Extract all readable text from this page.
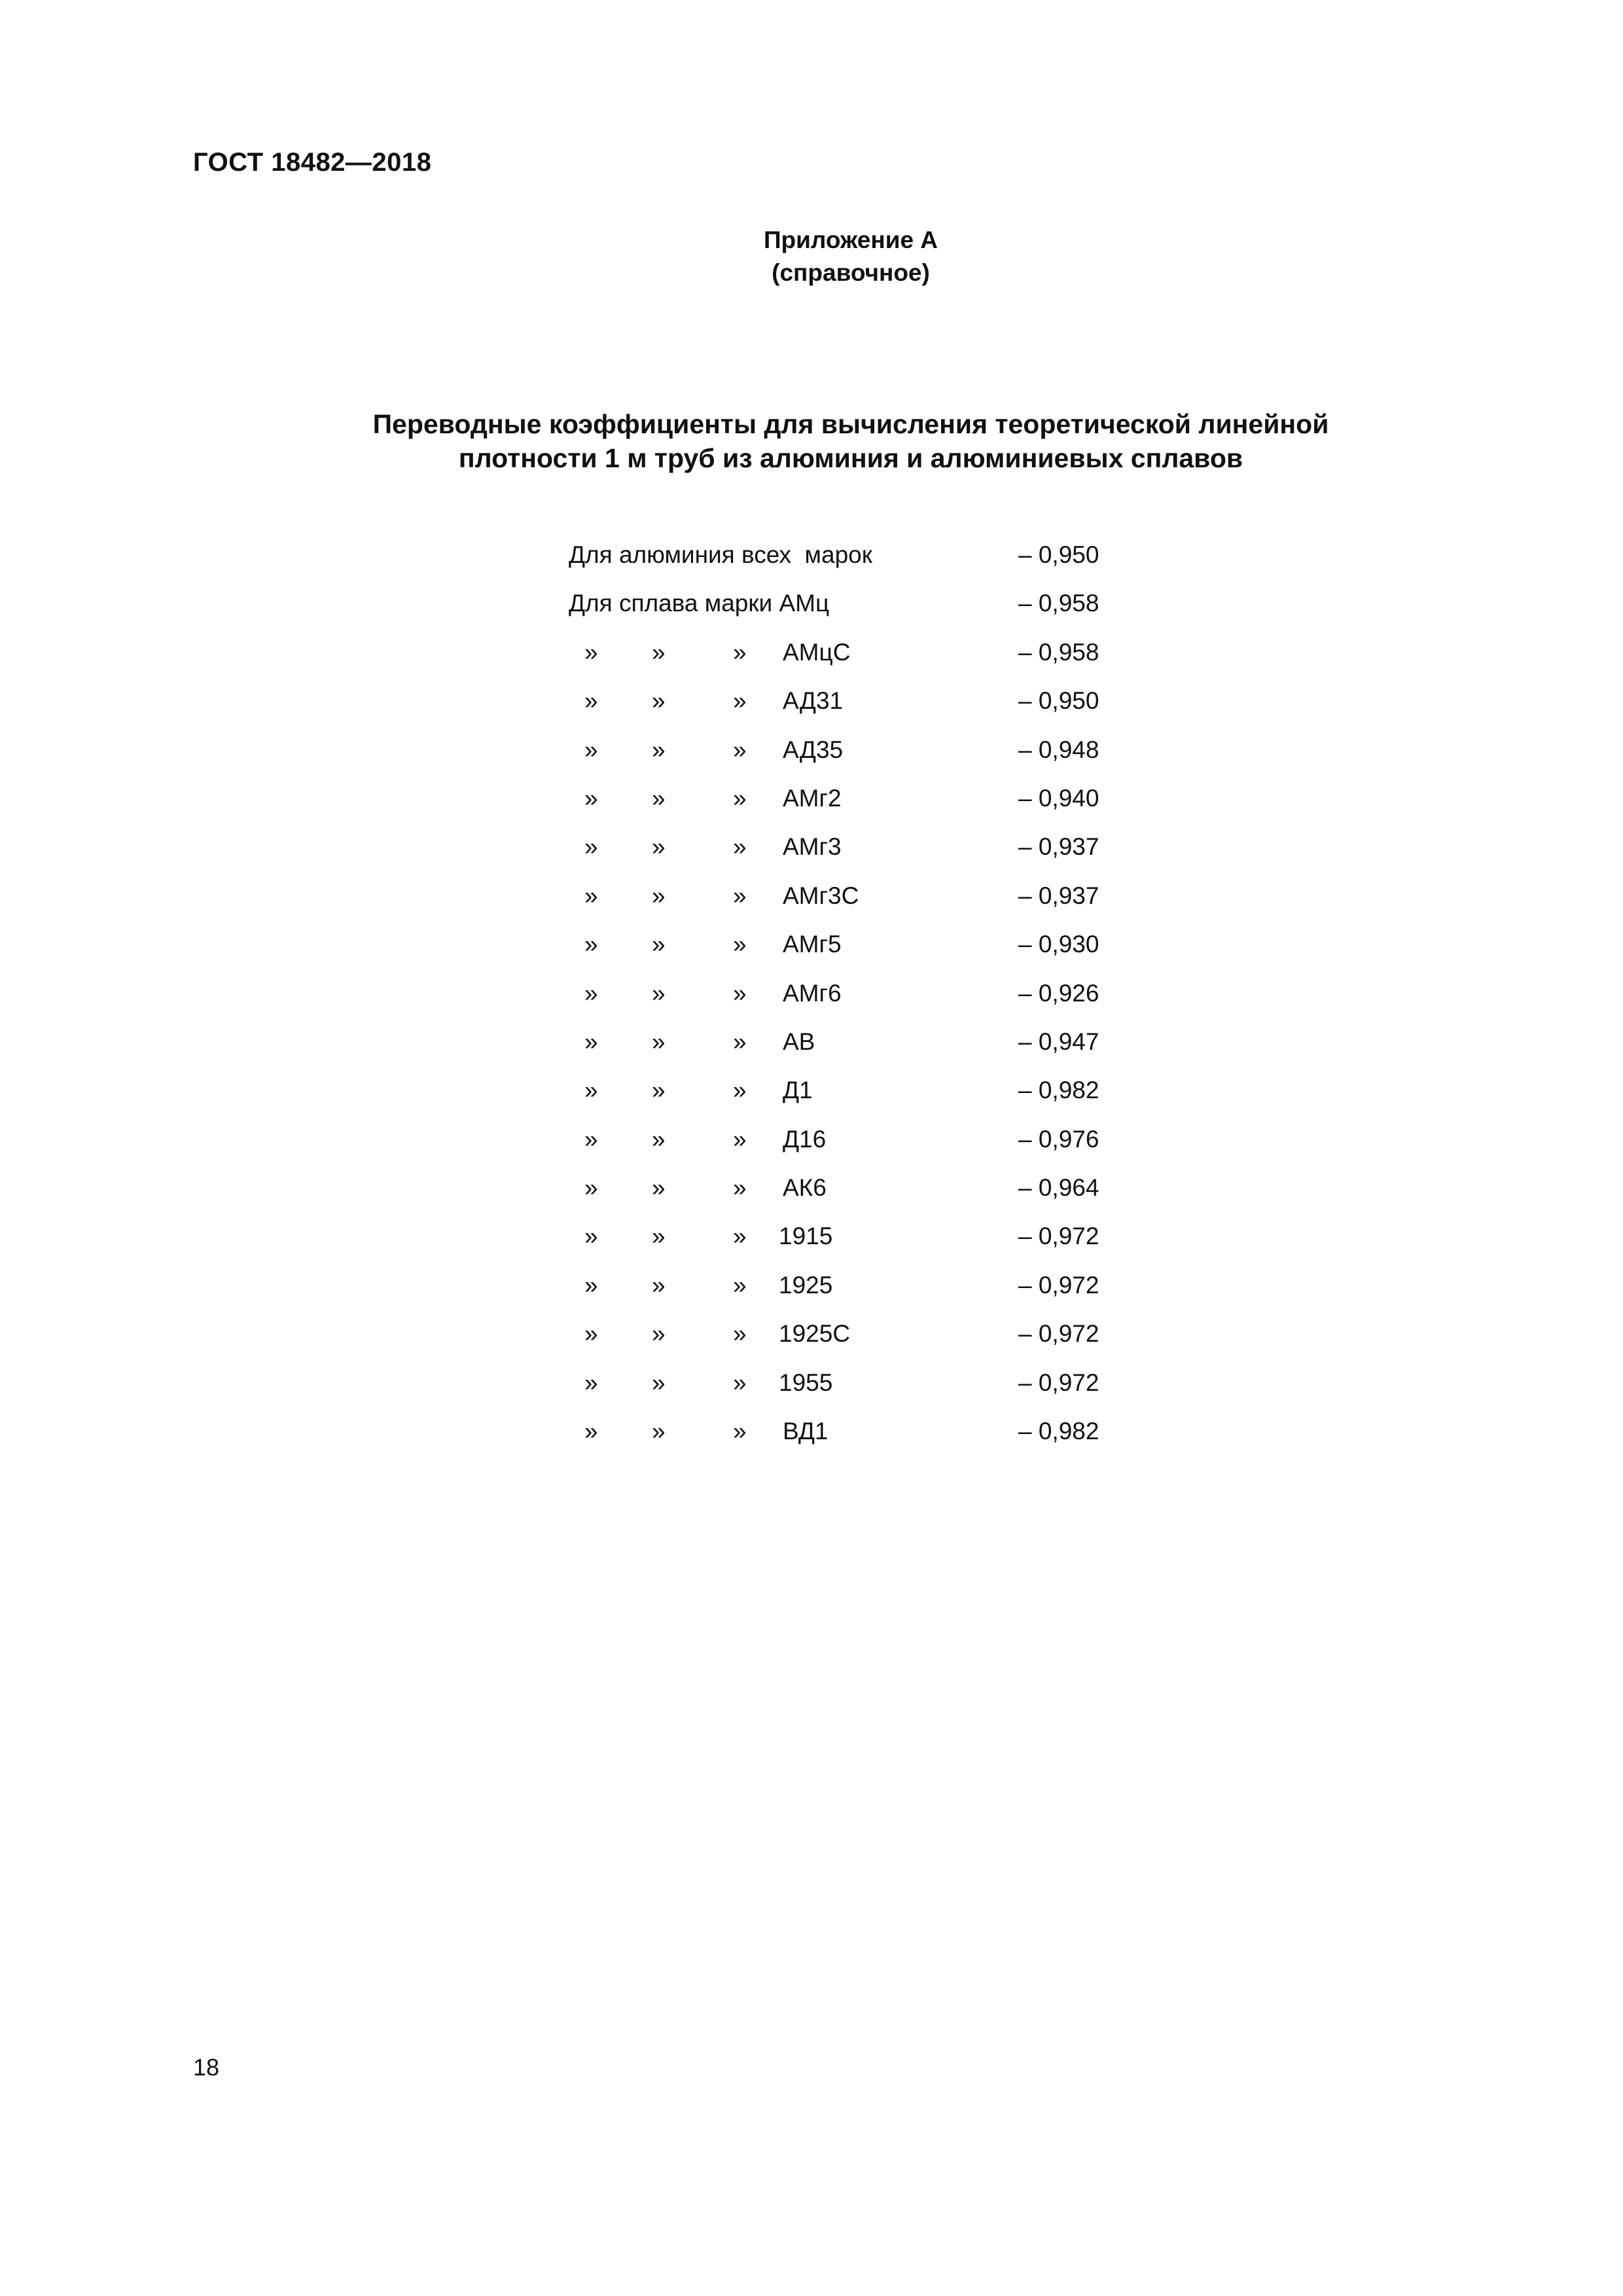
ГОСТ 18482—2018
Приложение А
(справочное)
Переводные коэффициенты для вычисления теоретической линейной
плотности 1 м труб из алюминия и алюминиевых сплавов
Для алюминия всех  марок	– 0,950
Для сплава марки АМц	– 0,958
» »	» АМцС	– 0,958
» »	» АД31	– 0,950
» »	» АД35	– 0,948
» »	» АМг2	– 0,940
» »	» АМг3	– 0,937
» »	» АМг3С	– 0,937
» »	» АМг5	– 0,930
» »	» АМг6	– 0,926
» »	» АВ	– 0,947
» »	» Д1	– 0,982
» »	» Д16	– 0,976
» »	» АК6	– 0,964
» »	» 1915	– 0,972
» »	» 1925	– 0,972
» »	» 1925С	– 0,972
» »	» 1955	– 0,972
» »	» ВД1	– 0,982
18
